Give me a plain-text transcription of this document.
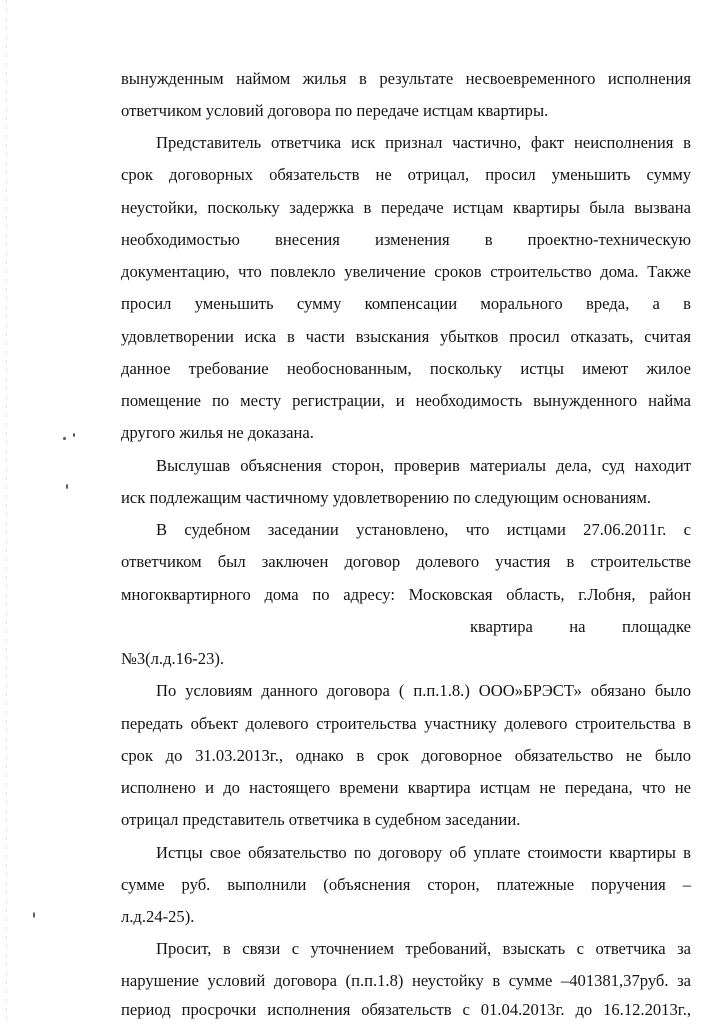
вынужденным наймом жилья в результате несвоевременного исполнения
ответчиком условий договора по передаче истцам квартиры.
Представитель ответчика иск признал частично, факт неисполнения в
срок договорных обязательств не отрицал, просил уменьшить сумму
неустойки, поскольку задержка в передаче истцам квартиры была вызвана
необходимостью внесения изменения в проектно-техническую
документацию, что повлекло увеличение сроков строительство дома. Также
просил уменьшить сумму компенсации морального вреда, а в
удовлетворении иска в части взыскания убытков просил отказать, считая
данное требование необоснованным, поскольку истцы имеют жилое
помещение по месту регистрации, и необходимость вынужденного найма
другого жилья не доказана.
Выслушав объяснения сторон, проверив материалы дела, суд находит
иск подлежащим частичному удовлетворению по следующим основаниям.
В судебном заседании установлено, что истцами 27.06.2011г. с
ответчиком был заключен договор долевого участия в строительстве
многоквартирного дома по адресу: Московская область, г.Лобня, район
квартира на площадке
№3(л.д.16-23).
По условиям данного договора ( п.п.1.8.) ООО»БРЭСТ» обязано было
передать объект долевого строительства участнику долевого строительства в
срок до 31.03.2013г., однако в срок договорное обязательство не было
исполнено и до настоящего времени квартира истцам не передана, что не
отрицал представитель ответчика в судебном заседании.
Истцы свое обязательство по договору об уплате стоимости квартиры в
сумме руб. выполнили (объяснения сторон, платежные поручения –
л.д.24-25).
Просит, в связи с уточнением требований, взыскать с ответчика за
нарушение условий договора (п.п.1.8) неустойку в сумме –401381,37руб. за
период просрочки исполнения обязательств с 01.04.2013г. до 16.12.2013г.,
